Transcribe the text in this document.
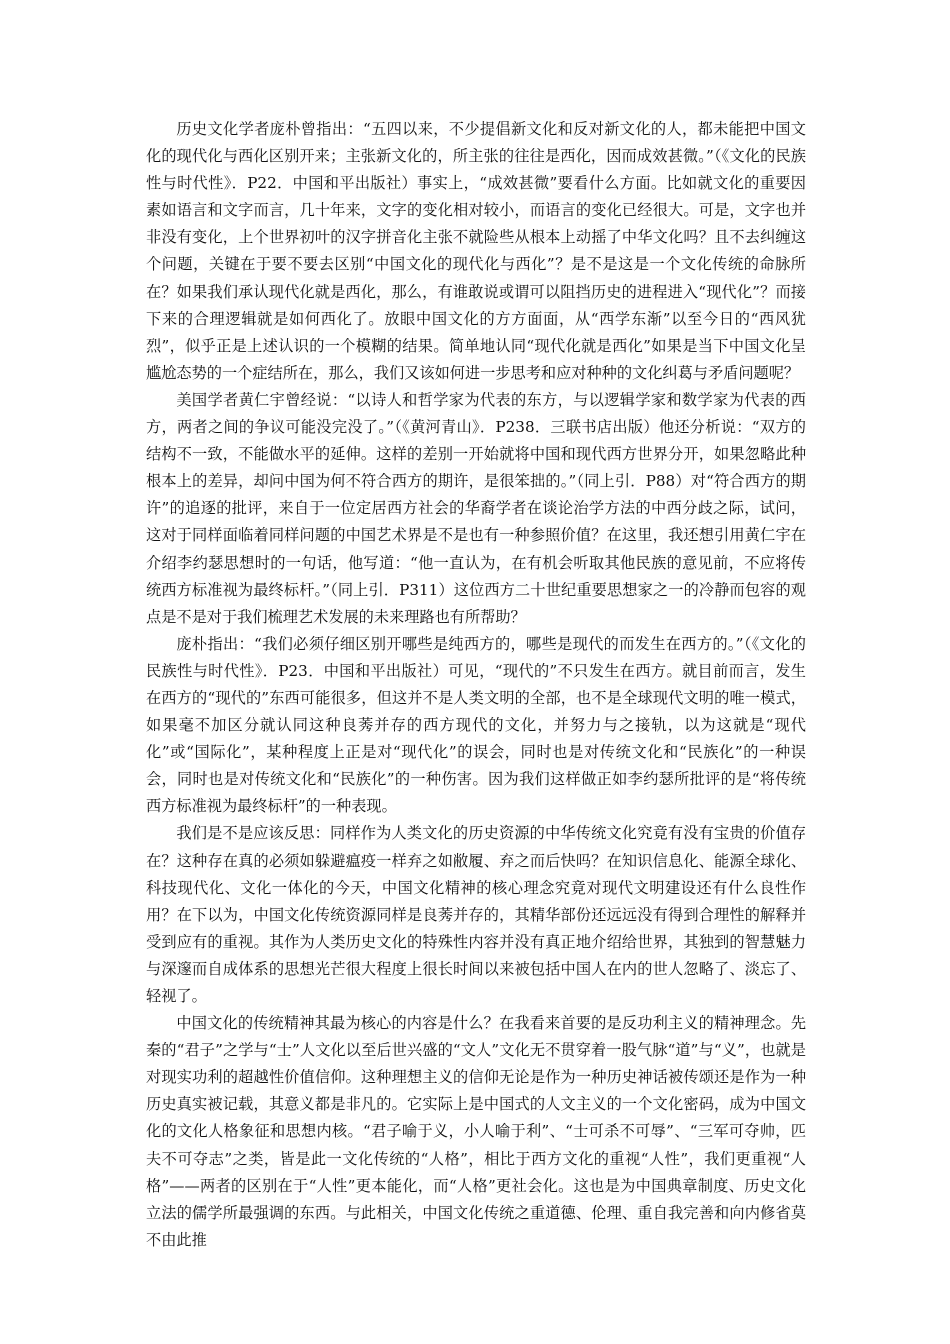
历史文化学者庞朴曾指出：“五四以来，不少提倡新文化和反对新文化的人，都未能把中国文化的现代化与西化区别开来；主张新文化的，所主张的往往是西化，因而成效甚微。”（《文化的民族性与时代性》．P22．中国和平出版社）事实上，“成效甚微”要看什么方面。比如就文化的重要因素如语言和文字而言，几十年来，文字的变化相对较小，而语言的变化已经很大。可是，文字也并非没有变化，上个世界初叶的汉字拼音化主张不就险些从根本上动摇了中华文化吗？且不去纠缠这个问题，关键在于要不要去区别“中国文化的现代化与西化”？是不是这是一个文化传统的命脉所在？如果我们承认现代化就是西化，那么，有谁敢说或谓可以阻挡历史的进程进入“现代化”？而接下来的合理逻辑就是如何西化了。放眼中国文化的方方面面，从“西学东渐”以至今日的“西风犹烈”，似乎正是上述认识的一个模糊的结果。简单地认同“现代化就是西化”如果是当下中国文化呈尴尬态势的一个症结所在，那么，我们又该如何进一步思考和应对种种的文化纠葛与矛盾问题呢？

美国学者黄仁宇曾经说：“以诗人和哲学家为代表的东方，与以逻辑学家和数学家为代表的西方，两者之间的争议可能没完没了。”（《黄河青山》．P238．三联书店出版）他还分析说：“双方的结构不一致，不能做水平的延伸。这样的差别一开始就将中国和现代西方世界分开，如果忽略此种根本上的差异，却问中国为何不符合西方的期许，是很笨拙的。”（同上引．P88）对“符合西方的期许”的追逐的批评，来自于一位定居西方社会的华裔学者在谈论治学方法的中西分歧之际，试问，这对于同样面临着同样问题的中国艺术界是不是也有一种参照价值？在这里，我还想引用黄仁宇在介绍李约瑟思想时的一句话，他写道：“他一直认为，在有机会听取其他民族的意见前，不应将传统西方标准视为最终标杆。”（同上引．P311）这位西方二十世纪重要思想家之一的冷静而包容的观点是不是对于我们梳理艺术发展的未来理路也有所帮助？

庞朴指出：“我们必须仔细区别开哪些是纯西方的，哪些是现代的而发生在西方的。”（《文化的民族性与时代性》．P23．中国和平出版社）可见，“现代的”不只发生在西方。就目前而言，发生在西方的“现代的”东西可能很多，但这并不是人类文明的全部，也不是全球现代文明的唯一模式，如果毫不加区分就认同这种良莠并存的西方现代的文化，并努力与之接轨，以为这就是“现代化”或“国际化”，某种程度上正是对“现代化”的误会，同时也是对传统文化和“民族化”的一种误会，同时也是对传统文化和“民族化”的一种伤害。因为我们这样做正如李约瑟所批评的是“将传统西方标准视为最终标杆”的一种表现。

我们是不是应该反思：同样作为人类文化的历史资源的中华传统文化究竟有没有宝贵的价值存在？这种存在真的必须如躲避瘟疫一样弃之如敝履、弃之而后快吗？在知识信息化、能源全球化、科技现代化、文化一体化的今天，中国文化精神的核心理念究竟对现代文明建设还有什么良性作用？在下以为，中国文化传统资源同样是良莠并存的，其精华部份还远远没有得到合理性的解释并受到应有的重视。其作为人类历史文化的特殊性内容并没有真正地介绍给世界，其独到的智慧魅力与深邃而自成体系的思想光芒很大程度上很长时间以来被包括中国人在内的世人忽略了、淡忘了、轻视了。

中国文化的传统精神其最为核心的内容是什么？在我看来首要的是反功利主义的精神理念。先秦的“君子”之学与“士”人文化以至后世兴盛的“文人”文化无不贯穿着一股气脉“道”与“义”，也就是对现实功利的超越性价值信仰。这种理想主义的信仰无论是作为一种历史神话被传颂还是作为一种历史真实被记载，其意义都是非凡的。它实际上是中国式的人文主义的一个文化密码，成为中国文化的文化人格象征和思想内核。“君子喻于义，小人喻于利”、“士可杀不可辱”、“三军可夺帅，匹夫不可夺志”之类，皆是此一文化传统的“人格”，相比于西方文化的重视“人性”，我们更重视“人格”——两者的区别在于“人性”更本能化，而“人格”更社会化。这也是为中国典章制度、历史文化立法的儒学所最强调的东西。与此相关，中国文化传统之重道德、伦理、重自我完善和向内修省莫不由此推
